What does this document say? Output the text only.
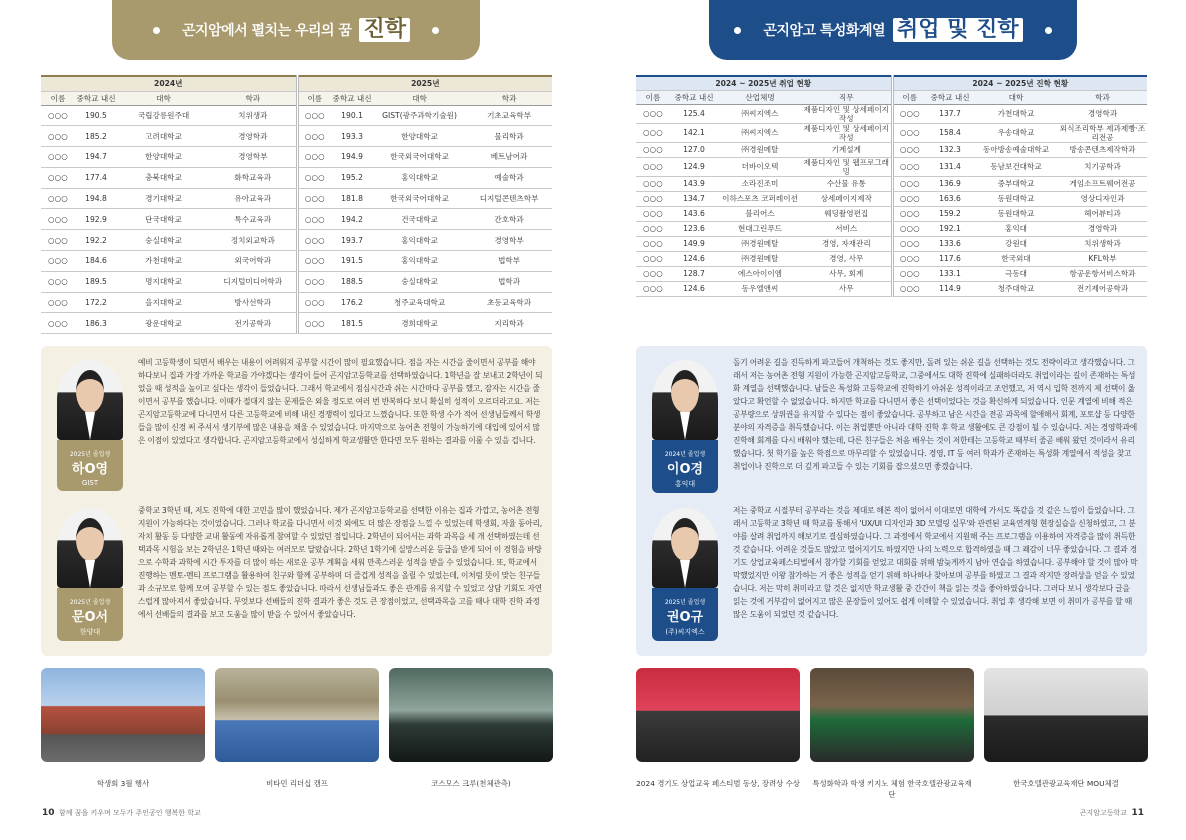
곤지암에서 펼치는 우리의 꿈 진학
2024년				2025년			
이름	중학교 내신	대학	학과	이름	중학교 내신	대학	학과
○○○	190.5	국립강릉원주대	치위생과	○○○	190.1	GIST(광주과학기술원)	기초교육학부
○○○	185.2	고려대학교	경영학과	○○○	193.3	한양대학교	물리학과
○○○	194.7	한양대학교	경영학부	○○○	194.9	한국외국어대학교	베트남어과
○○○	177.4	충북대학교	화학교육과	○○○	195.2	홍익대학교	예술학과
○○○	194.8	경기대학교	유아교육과	○○○	181.8	한국외국어대학교	디지털콘텐츠학부
○○○	192.9	단국대학교	특수교육과	○○○	194.2	건국대학교	간호학과
○○○	192.2	숭실대학교	정치외교학과	○○○	193.7	홍익대학교	경영학부
○○○	184.6	가천대학교	외국어학과	○○○	191.5	홍익대학교	법학부
○○○	189.5	명지대학교	디지털미디어학과	○○○	188.5	숭실대학교	법학과
○○○	172.2	을지대학교	방사선학과	○○○	176.2	청주교육대학교	초등교육학과
○○○	186.3	광운대학교	전기공학과	○○○	181.5	경희대학교	지리학과
2025년 졸업생
하O영
GIST
예비 고등학생이 되면서 배우는 내용이 어려워져 공부할 시간이 많이 필요했습니다. 점을 자는 시간을 줄이면서 공부를 해야 하다보니 집과 가장 가까운 학교를 가야겠다는 생각이 들어 곤지암고등학교를 선택하였습니다. 1학년을 잘 보내고 2학년이 되었을 때 성적을 높이고 싶다는 생각이 들었습니다. 그래서 학교에서 점심시간과 쉬는 시간마다 공부를 했고, 잠자는 시간을 줄이면서 공부를 했습니다. 이때가 절대지 않는 문제들은 외울 정도로 여러 번 반복하다 보니 확실히 성적이 오르더라고요. 저는 곤지암고등학교에 다니면서 다른 고등학교에 비해 내신 경쟁력이 있다고 느꼈습니다. 또한 학생 수가 적어 선생님들께서 학생들을 많이 신경 써 주셔서 생기부에 많은 내용을 채울 수 있었습니다. 마지막으로 농어촌 전형이 가능하기에 대입에 있어서 많은 이점이 있었다고 생각합니다. 곤지암고등학교에서 성실하게 학교생활만 한다면 모두 원하는 결과를 이룰 수 있을 겁니다.
2025년 졸업생
문O서
한양대
중학교 3학년 때, 저도 진학에 대한 고민을 많이 했었습니다. 제가 곤지암고등학교를 선택한 이유는 집과 가깝고, 농어촌 전형 지원이 가능하다는 것이었습니다. 그러나 학교를 다니면서 이것 외에도 더 많은 장점을 느낄 수 있었는데 학생회, 자율 동아리, 자치 활동 등 다양한 교내 활동에 자유롭게 참여할 수 있었던 점입니다. 2학년이 되어서는 과학 과목을 세 개 선택하였는데 선택과목 시험을 보는 2학년은 1학년 때와는 여러모로 달랐습니다. 2학년 1학기에 실망스러운 등급을 받게 되어 이 경험을 바탕으로 수학과 과학에 시간 투자를 더 많이 하는 새로운 공부 계획을 세워 만족스러운 성적을 받을 수 있었습니다. 또, 학교에서 진행하는 멘토-멘티 프로그램을 활용하여 친구와 함께 공부하며 더 즐겁게 성적을 올릴 수 있었는데, 이처럼 뜻이 맞는 친구들과 소규모로 함께 모여 공부할 수 있는 점도 좋았습니다. 따라서 선생님들과도 좋은 관계를 유지할 수 있었고 상담 기회도 자연스럽게 많아져서 좋았습니다. 무엇보다 선배들의 진학 결과가 좋은 것도 큰 장점이었고, 선택과목을 고를 때나 대학 진학 과정에서 선배들의 결과를 보고 도움을 많이 받을 수 있어서 좋았습니다.
학생회 3월 행사	비타민 리더십 캠프	코스모스 크루(천체관측)
10 함께 꿈을 키우며 모두가 주인공인 행복한 학교
곤지암고 특성화계열 취업 및 진학
2024 ~ 2025년 취업 현황				2024 ~ 2025년 진학 현황			
이름	중학교 내신	산업체명	직무	이름	중학교 내신	대학	학과
○○○	125.4	㈜씨지엑스	제품디자인 및 상세페이지 작성	○○○	137.7	가천대학교	경영학과
○○○	142.1	㈜씨지엑스	제품디자인 및 상세페이지 작성	○○○	158.4	우송대학교	외식조리학부 제과제빵·조리전공
○○○	127.0	㈜경원메탈	기계설계	○○○	132.3	동아방송예술대학교	방송콘텐츠제작학과
○○○	124.9	더바이오텍	제품디자인 및 웹프로그래밍	○○○	131.4	동남보건대학교	치기공학과
○○○	143.9	소라진조미	수산물 유통	○○○	136.9	중부대학교	게임소프트웨어전공
○○○	134.7	이하스포츠 코퍼레이션	상세페이지제작	○○○	163.6	동원대학교	영상디자인과
○○○	143.6	블리어스	웨딩촬영편집	○○○	159.2	동원대학교	헤어뷰티과
○○○	123.6	현대그린푸드	서비스	○○○	192.1	홍익대	경영학과
○○○	149.9	㈜경원메탈	경영, 자재관리	○○○	133.6	강원대	치위생학과
○○○	124.6	㈜경원메탈	경영, 사무	○○○	117.6	한국외대	KFL학부
○○○	128.7	에스아이이엠	사무, 회계	○○○	133.1	극동대	항공운항서비스학과
○○○	124.6	동우엘앤씨	사무	○○○	114.9	청주대학교	전기제어공학과
2024년 졸업생
이O경
홍익대
돌기 어려운 길을 진득하게 파고들어 개척하는 것도 좋지만, 돌려 있는 쉬운 길을 선택하는 것도 전략이라고 생각했습니다. 그래서 저는 농어촌 전형 지원이 가능한 곤지암고등학교, 그중에서도 대학 진학에 실패하더라도 취업이라는 길이 존재하는 특성화 계열을 선택했습니다. 남들은 특성화 고등학교에 진학하기 아쉬운 성적이라고 조언했고, 저 역시 입학 전까지 제 선택이 옳았다고 확언할 수 없었습니다. 하지만 학교를 다니면서 좋은 선택이었다는 것을 확신하게 되었습니다. 인문 계열에 비해 적은 공부량으로 상위권을 유지할 수 있다는 점이 좋았습니다. 공부하고 남은 시간을 전공 과목에 할애해서 회계, 포토샵 등 다양한 분야의 자격증을 취득했습니다. 이는 취업뿐만 아니라 대학 진학 후 학교 생활에도 큰 강점이 될 수 있습니다. 저는 경영학과에 진학해 회계를 다시 배워야 했는데, 다른 친구들은 처음 배우는 것이 저한테는 고등학교 때부터 줄곧 배워 왔던 것이라서 유리했습니다. 첫 학기를 높은 학점으로 마무리할 수 있었습니다. 경영, IT 등 여러 학과가 존재하는 특성화 계열에서 적성을 찾고 취업이나 진학으로 더 깊게 파고들 수 있는 기회를 잡으셨으면 좋겠습니다.
2025년 졸업생
권O규
(주)씨지엑스
저는 중학교 시절부터 공부라는 것을 제대로 해본 적이 없어서 이대로면 대학에 가서도 똑같을 것 같은 느낌이 들었습니다. 그래서 고등학교 3학년 때 학교를 통해서 'UX/UI 디자인과 3D 모델링 실무'와 관련된 교육연계형 현장실습을 신청하였고, 그 분야를 살려 취업까지 해보기로 결심하였습니다. 그 과정에서 학교에서 지원해 주는 프로그램을 이용하여 자격증을 많이 취득한 것 같습니다. 어려운 것들도 많았고 떨어지기도 하였지만 나의 노력으로 합격하였을 때 그 쾌감이 너무 좋았습니다. 그 결과 경기도 상업교육페스티벌에서 참가할 기회를 얻었고 대회를 위해 밤늦게까지 남아 연습을 하였습니다. 공부해야 할 것이 많아 막막했었지만 이왕 참가하는 거 좋은 성적을 얻기 위해 하나하나 찾아보며 공부를 하였고 그 결과 작지만 장려상을 얻을 수 있었습니다. 저는 막히 취미라고 할 것은 없지만 학교생활 중 간간이 책을 읽는 것을 좋아하였습니다. 그러다 보니 생각보다 글을 읽는 것에 거부감이 없어지고 많은 문장들이 있어도 쉽게 이해할 수 있었습니다. 취업 후 생각해 보면 이 취미가 공부를 할 때 많은 도움이 되었던 것 같습니다.
2024 경기도 상업교육 페스티벌 동상, 장려상 수상	특성화학과 학생 키지노 체험 한국호텔관광교육재단
한국호텔관광교육재단 MOU체결
곤지암고등학교 11
